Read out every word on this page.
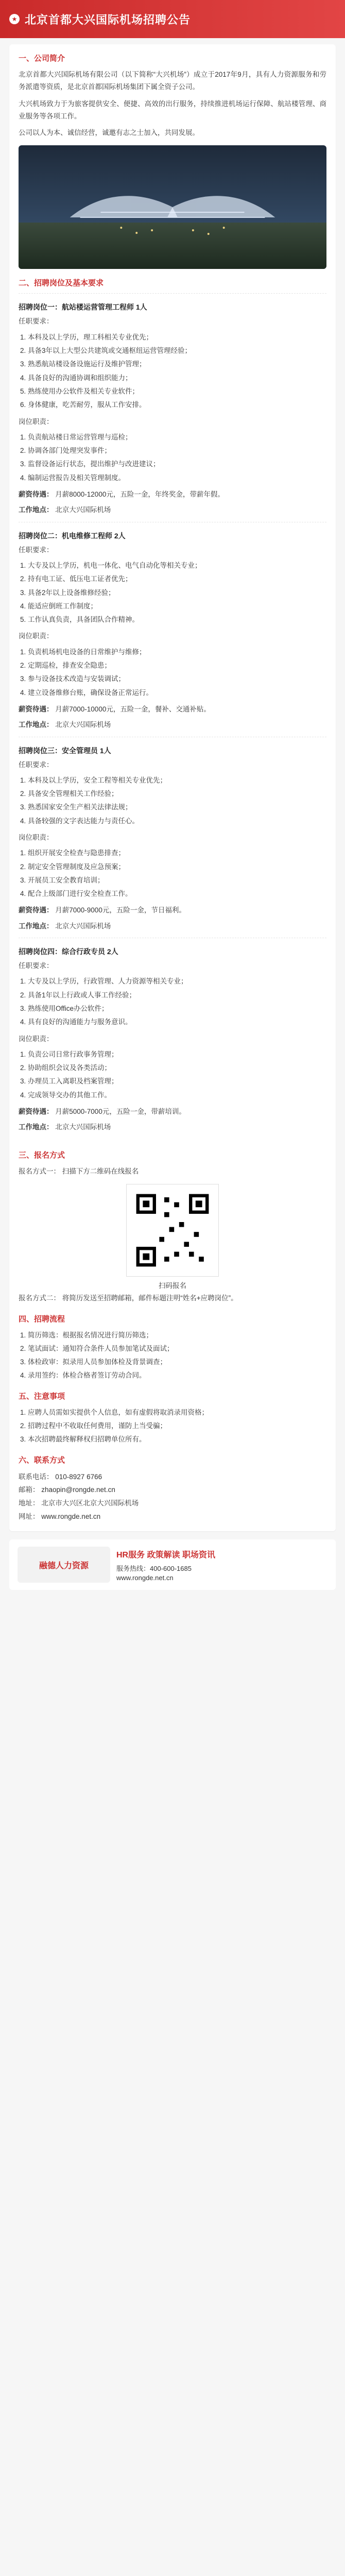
★ 北京首都大兴国际机场招聘公告
一、公司简介
北京首都大兴国际机场有限公司（以下简称“大兴机场”）成立于2017年9月，具有人力资源服务和劳务派遣等资质，是北京首都国际机场集团下属全资子公司。
大兴机场致力于为旅客提供安全、便捷、高效的出行服务，持续推进机场运行保障、航站楼管理、商业服务等各项工作。
公司以人为本、诚信经营，诚邀有志之士加入，共同发展。
二、招聘岗位及基本要求
招聘岗位一：航站楼运营管理工程师 1人
任职要求：
1. 本科及以上学历，理工科相关专业优先；
2. 具备3年以上大型公共建筑或交通枢纽运营管理经验；
3. 熟悉航站楼设备设施运行及维护管理；
4. 具备良好的沟通协调和组织能力；
5. 熟练使用办公软件及相关专业软件；
6. 身体健康，吃苦耐劳，服从工作安排。
岗位职责：
1. 负责航站楼日常运营管理与巡检；
2. 协调各部门处理突发事件；
3. 监督设备运行状态，提出维护与改进建议；
4. 编制运营报告及相关管理制度。
薪资待遇： 月薪8000-12000元，五险一金，年终奖金，带薪年假。
工作地点： 北京大兴国际机场
招聘岗位二：机电维修工程师 2人
任职要求：
1. 大专及以上学历，机电一体化、电气自动化等相关专业；
2. 持有电工证、低压电工证者优先；
3. 具备2年以上设备维修经验；
4. 能适应倒班工作制度；
5. 工作认真负责，具备团队合作精神。
岗位职责：
1. 负责机场机电设备的日常维护与维修；
2. 定期巡检，排查安全隐患；
3. 参与设备技术改造与安装调试；
4. 建立设备维修台账，确保设备正常运行。
薪资待遇： 月薪7000-10000元，五险一金，餐补、交通补贴。
工作地点： 北京大兴国际机场
招聘岗位三：安全管理员 1人
任职要求：
1. 本科及以上学历，安全工程等相关专业优先；
2. 具备安全管理相关工作经验；
3. 熟悉国家安全生产相关法律法规；
4. 具备较强的文字表达能力与责任心。
岗位职责：
1. 组织开展安全检查与隐患排查；
2. 制定安全管理制度及应急预案；
3. 开展员工安全教育培训；
4. 配合上级部门进行安全检查工作。
薪资待遇： 月薪7000-9000元，五险一金，节日福利。
工作地点： 北京大兴国际机场
招聘岗位四：综合行政专员 2人
任职要求：
1. 大专及以上学历，行政管理、人力资源等相关专业；
2. 具备1年以上行政或人事工作经验；
3. 熟练使用Office办公软件；
4. 具有良好的沟通能力与服务意识。
岗位职责：
1. 负责公司日常行政事务管理；
2. 协助组织会议及各类活动；
3. 办理员工入离职及档案管理；
4. 完成领导交办的其他工作。
薪资待遇： 月薪5000-7000元，五险一金，带薪培训。
工作地点： 北京大兴国际机场
三、报名方式
报名方式一： 扫描下方二维码在线报名
扫码报名
报名方式二： 将简历发送至招聘邮箱，邮件标题注明“姓名+应聘岗位”。
四、招聘流程
1. 简历筛选：根据报名情况进行简历筛选；
2. 笔试面试：通知符合条件人员参加笔试及面试；
3. 体检政审：拟录用人员参加体检及背景调查；
4. 录用签约：体检合格者签订劳动合同。
五、注意事项
1. 应聘人员需如实提供个人信息，如有虚假将取消录用资格；
2. 招聘过程中不收取任何费用，谨防上当受骗；
3. 本次招聘最终解释权归招聘单位所有。
六、联系方式
联系电话： 010-8927 6766
邮箱： zhaopin@rongde.net.cn
地址： 北京市大兴区北京大兴国际机场
网址： www.rongde.net.cn
融德人力资源
HR服务 政策解读 职场资讯
服务热线：400-600-1685
www.rongde.net.cn
